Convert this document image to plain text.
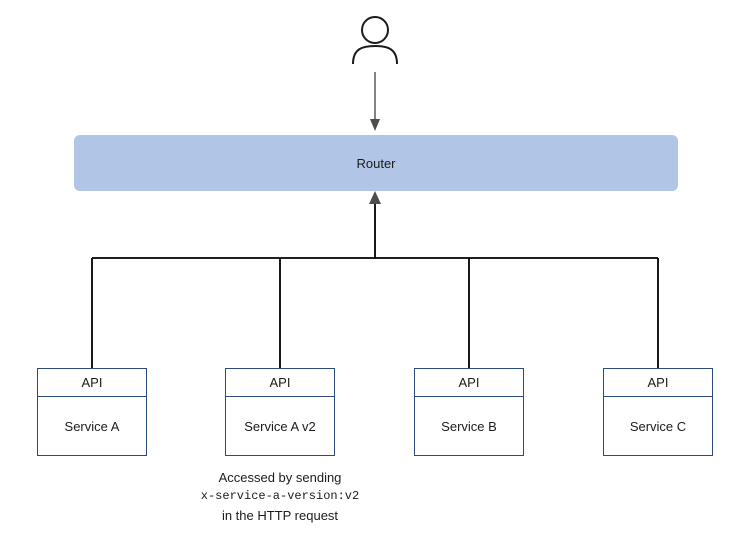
Router
API
Service A
API
Service A v2
API
Service B
API
Service C
Accessed by sending
x-service-a-version:v2
in the HTTP request
